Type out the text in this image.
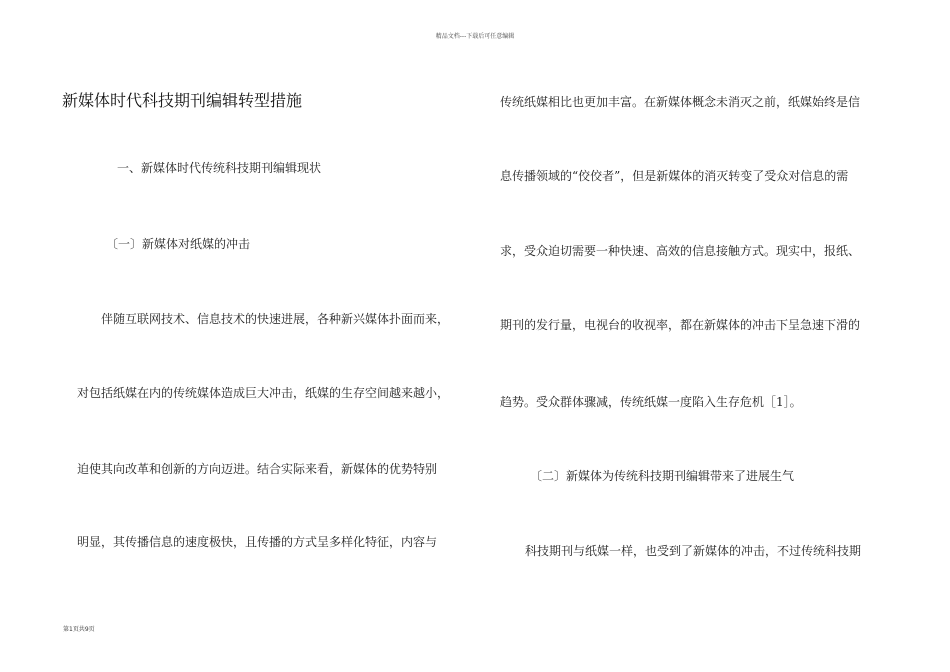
精品文档---下载后可任意编辑
新媒体时代科技期刊编辑转型措施
一、新媒体时代传统科技期刊编辑现状
〔一〕新媒体对纸媒的冲击
伴随互联网技术、信息技术的快速进展，各种新兴媒体扑面而来，
对包括纸媒在内的传统媒体造成巨大冲击，纸媒的生存空间越来越小，
迫使其向改革和创新的方向迈进。结合实际来看，新媒体的优势特别
明显，其传播信息的速度极快，且传播的方式呈多样化特征，内容与
传统纸媒相比也更加丰富。在新媒体概念未消灭之前，纸媒始终是信
息传播领域的“佼佼者”，但是新媒体的消灭转变了受众对信息的需
求，受众迫切需要一种快速、高效的信息接触方式。现实中，报纸、
期刊的发行量，电视台的收视率，都在新媒体的冲击下呈急速下滑的
趋势。受众群体骤减，传统纸媒一度陷入生存危机［1］。
〔二〕新媒体为传统科技期刊编辑带来了进展生气
科技期刊与纸媒一样，也受到了新媒体的冲击，不过传统科技期
第1页共9页
